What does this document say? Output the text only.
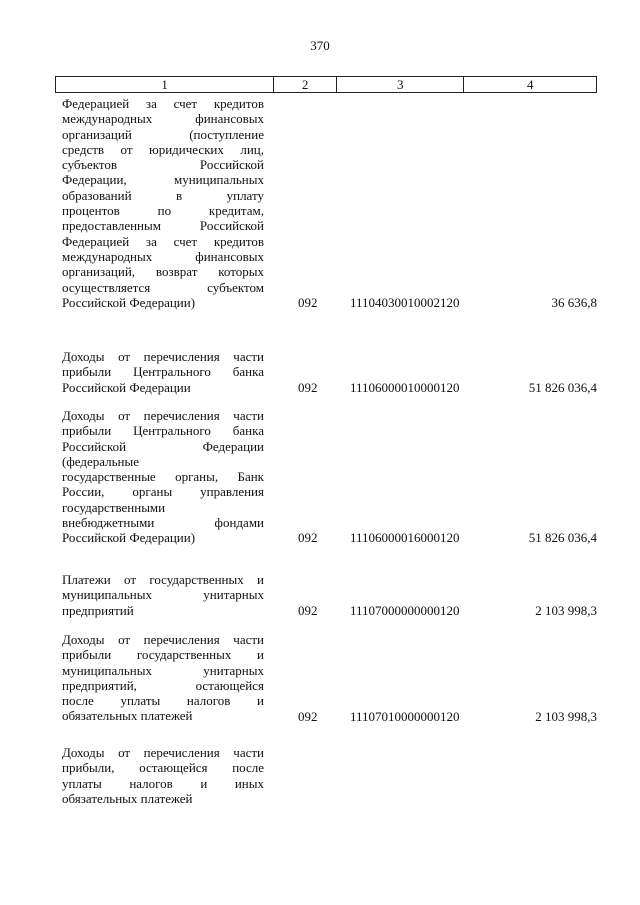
370
1	2	3	4
Федерацией за счет кредитов
международных финансовых
организаций (поступление
средств от юридических лиц,
субъектов Российской
Федерации, муниципальных
образований в уплату
процентов по кредитам,
предоставленным Российской
Федерацией за счет кредитов
международных финансовых
организаций, возврат которых
осуществляется субъектом
Российской Федерации)	092	11104030010002120	36 636,8
Доходы от перечисления части
прибыли Центрального банка
Российской Федерации	092	11106000010000120	51 826 036,4
Доходы от перечисления части
прибыли Центрального банка
Российской Федерации
(федеральные
государственные органы, Банк
России, органы управления
государственными
внебюджетными фондами
Российской Федерации)	092	11106000016000120	51 826 036,4
Платежи от государственных и
муниципальных унитарных
предприятий	092	11107000000000120	2 103 998,3
Доходы от перечисления части
прибыли государственных и
муниципальных унитарных
предприятий, остающейся
после уплаты налогов и
обязательных платежей	092	11107010000000120	2 103 998,3
Доходы от перечисления части
прибыли, остающейся после
уплаты налогов и иных
обязательных платежей
